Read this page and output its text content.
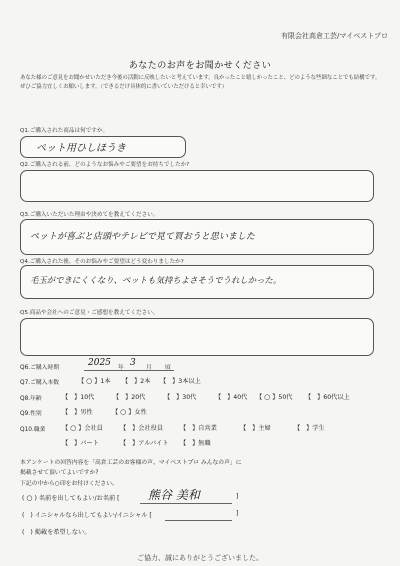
有限会社高倉工芸/マイベストプロ
あなたのお声をお聞かせください
あなた様のご意見をお聞かせいただき今後の活動に反映したいと考えています。良かったこと嬉しかったこと、どのような些細なことでも結構です。ぜひご協力宜しくお願いします。（できるだけ具体的に書いていただけると幸いです）
Q1.ご購入された商品は何ですか。
ペット用ひしほうき
Q2.ご購入される前、どのようなお悩みやご要望をお持ちでしたか?
Q3.ご購入いただいた理由や決めてを教えてください。
ペットが喜ぶと店頭やテレビで見て買おうと思いました
Q4.ご購入された後、そのお悩みやご要望はどう変わりましたか?
毛玉ができにくくなり、ペットも気持ちよさそうでうれしかった。
Q5.商品や会社へのご意見・ご感想を教えてください。
Q6.ご購入時期	2025 年 3 月 頃
Q7.ご購入本数	【 ○ 】1本 【   】2本 【   】3本以上
Q8.年齢	【   】10代	【   】20代	【   】30代	【   】40代 【 ○ 】50代 【   】60代以上
Q9.性別	【   】男性	【 ○ 】女性
Q10.職業	【 ○ 】会社員	【   】会社役員	【   】自営業	【   】主婦	【   】学生
【   】パート	【   】アルバイト 【   】無職
本アンケートの回答内容を「高倉工芸のお客様の声、マイベストプロ みんなの声」に
掲載させて頂いてよいですか?
下記の中から○印をお付けください。
( ○ ) 名前を出してもよい/お名前 [ 熊谷 美和	]
(   ) イニシャルなら出してもよい/イニシャル [	]
(   ) 掲載を希望しない。
ご協力、誠にありがとうございました。
